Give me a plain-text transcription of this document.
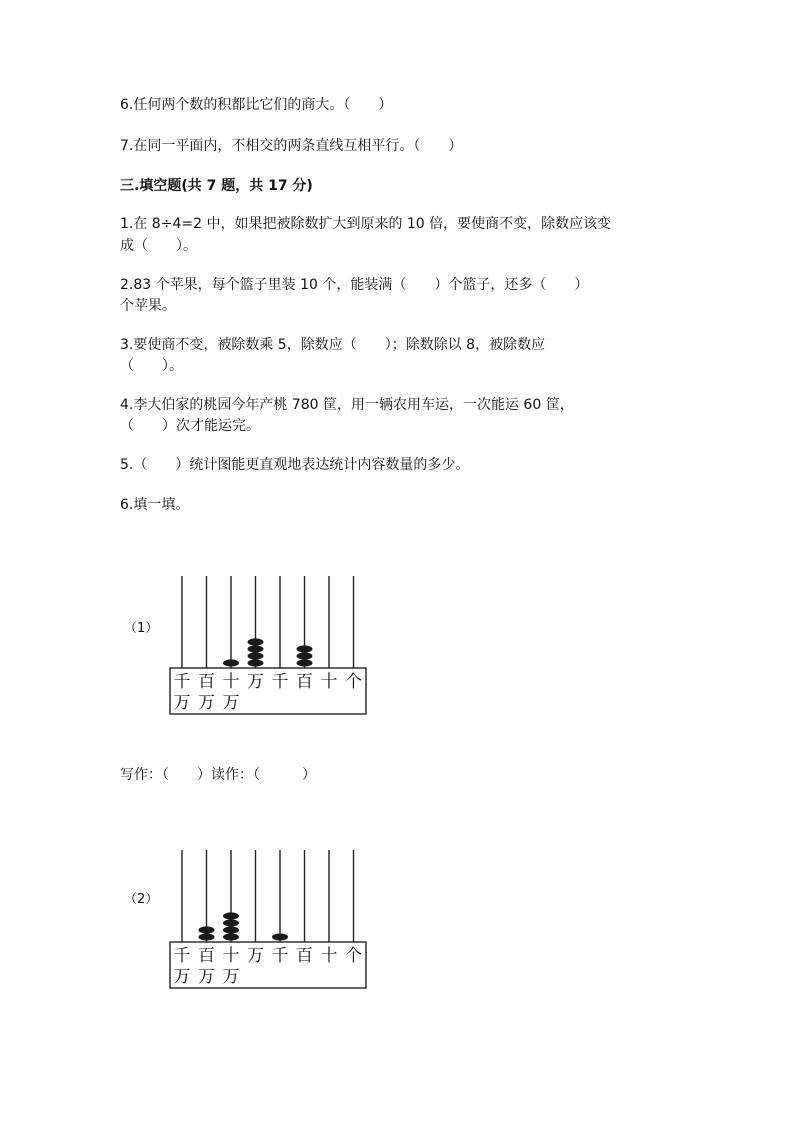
6.任何两个数的积都比它们的商大。（　　）
7.在同一平面内，不相交的两条直线互相平行。（　　）
三.填空题(共 7 题，共 17 分)
1.在 8÷4=2 中，如果把被除数扩大到原来的 10 倍，要使商不变，除数应该变
成（　　）。
2.83 个苹果，每个篮子里装 10 个，能装满（　　）个篮子，还多（　　）
个苹果。
3.要使商不变，被除数乘 5，除数应（　　）；除数除以 8，被除数应
（　　）。
4.李大伯家的桃园今年产桃 780 筐，用一辆农用车运，一次能运 60 筐，
（　　）次才能运完。
5.（　　）统计图能更直观地表达统计内容数量的多少。
6.填一填。
（1）
千 百 十 万 千 百 十 个
万 万 万
写作：（　　）读作：（　　　）
（2）
千 百 十 万 千 百 十 个
万 万 万
